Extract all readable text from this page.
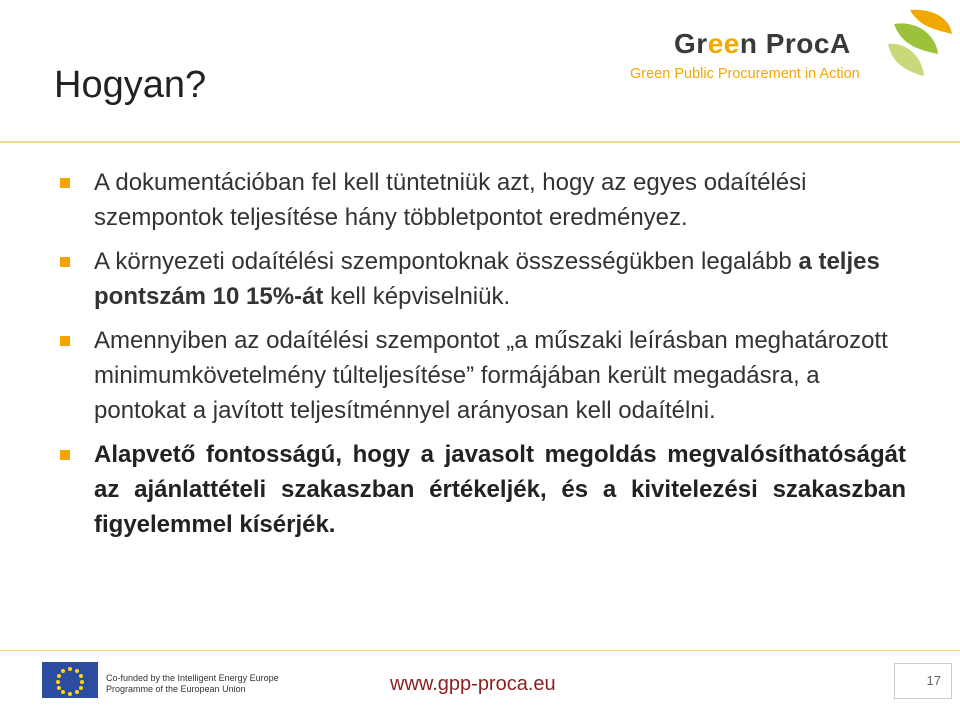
Hogyan?
Green ProcA
Green Public Procurement in Action
A dokumentációban fel kell tüntetniük azt, hogy az egyes odaítélési szempontok teljesítése hány többletpontot eredményez.
A környezeti odaítélési szempontoknak összességükben legalább a teljes pontszám 10 15%-át kell képviselniük.
Amennyiben az odaítélési szempontot „a műszaki leírásban meghatározott minimumkövetelmény túlteljesítése” formájában került megadásra, a pontokat a javított teljesítménnyel arányosan kell odaítélni.
Alapvető fontosságú, hogy a javasolt megoldás megvalósíthatóságát az ajánlattételi szakaszban értékeljék, és a kivitelezési szakaszban figyelemmel kísérjék.
Co-funded by the Intelligent Energy Europe
Programme of the European Union	www.gpp-proca.eu	17
